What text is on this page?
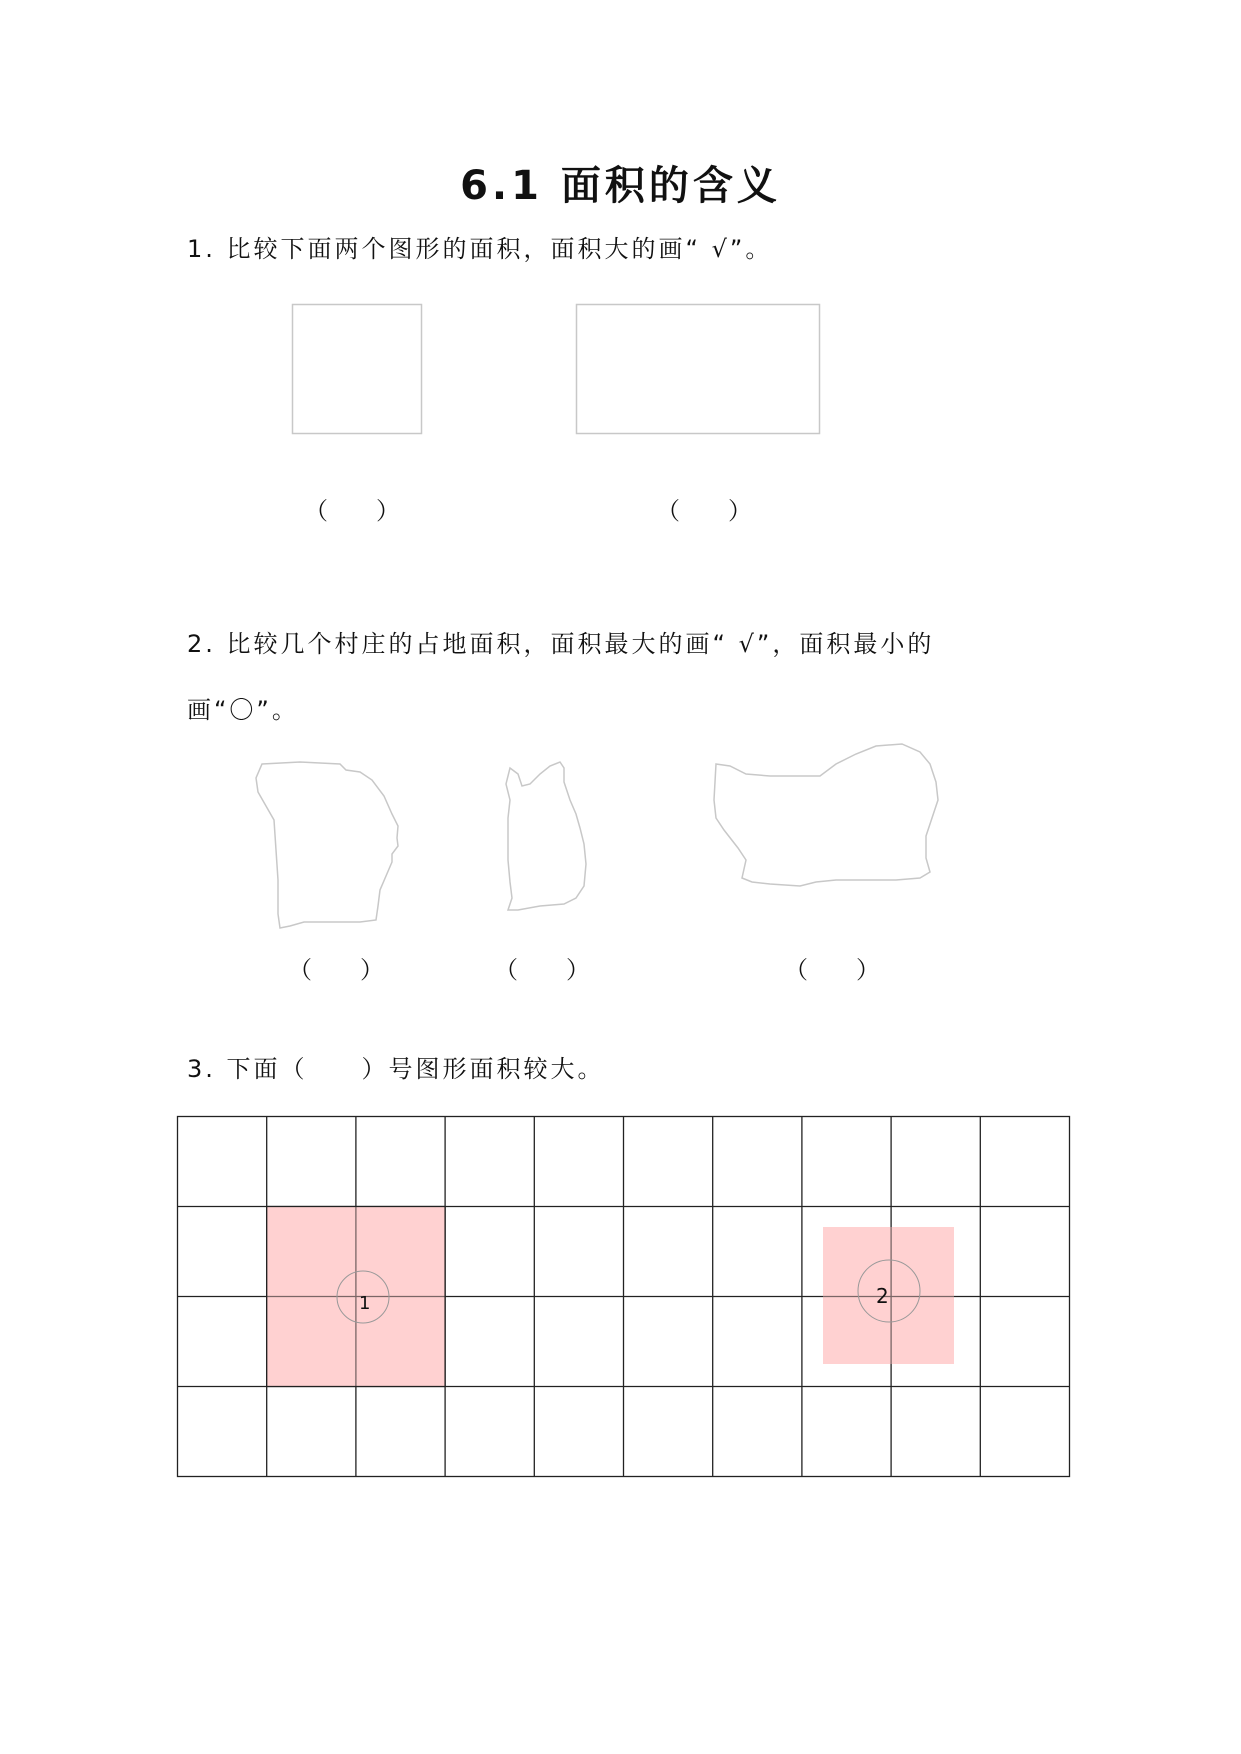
6.1 面积的含义
1. 比较下面两个图形的面积，面积大的画“ √”。
1	2
（　　）	（　　）
2. 比较几个村庄的占地面积，面积最大的画“ √”，面积最小的
画“〇”。
（　　）	（　　）	（　　）
3. 下面（　　）号图形面积较大。
